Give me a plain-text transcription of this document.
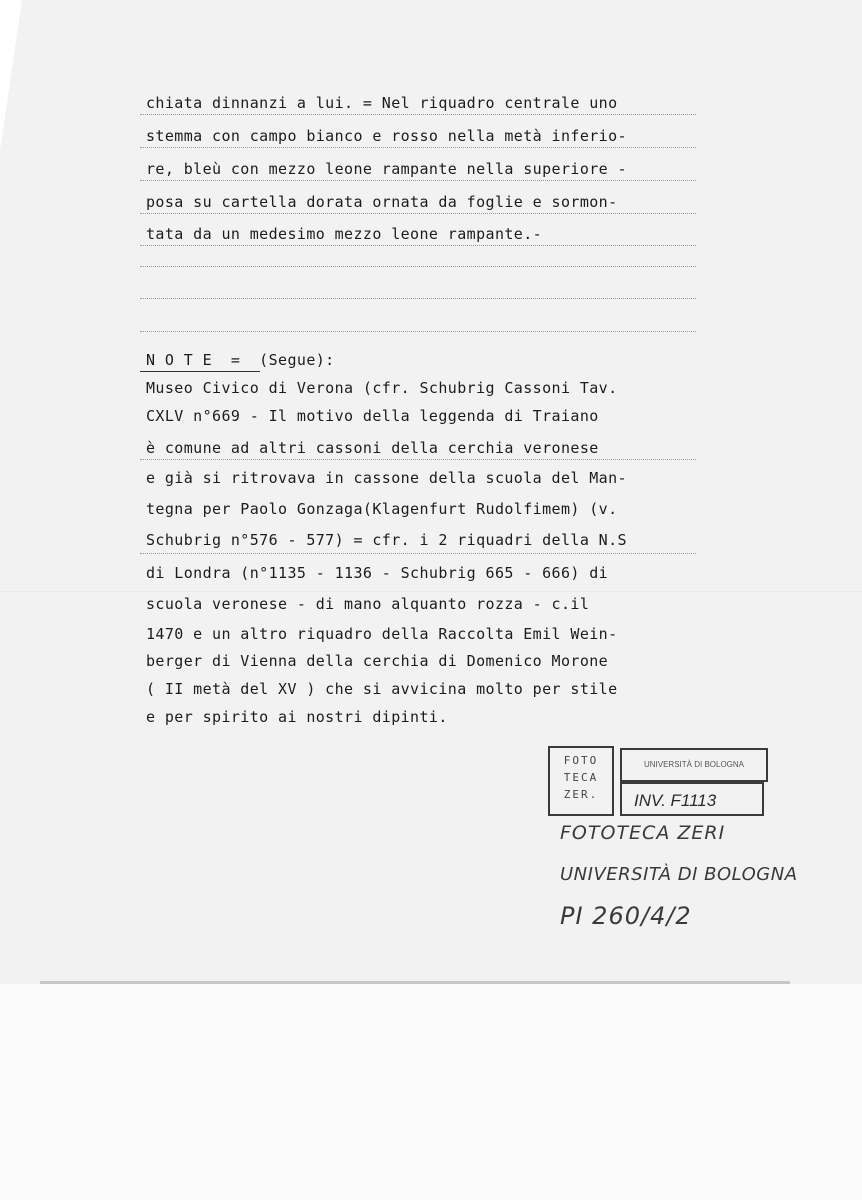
chiata dinnanzi a lui. = Nel riquadro centrale uno

stemma con campo bianco e rosso nella metà inferio-

re, bleù con mezzo leone rampante nella superiore -

posa su cartella dorata ornata da foglie e sormon-

tata da un medesimo mezzo leone rampante.-

N O T E  =  (Segue):

Museo Civico di Verona (cfr. Schubrig Cassoni Tav.

CXLV n°669 - Il motivo della leggenda di Traiano

è comune ad altri cassoni della cerchia veronese

e già si ritrovava in cassone della scuola del Man-

tegna per Paolo Gonzaga(Klagenfurt Rudolfimem) (v.

Schubrig n°576 - 577) = cfr. i 2 riquadri della N.S

di Londra (n°1135 - 1136 - Schubrig 665 - 666) di

scuola veronese - di mano alquanto rozza - c.il

1470 e un altro riquadro della Raccolta Emil Wein-

berger di Vienna della cerchia di Domenico Morone

( II metà del XV ) che si avvicina molto per stile

e per spirito ai nostri dipinti.

FOTO
TECA
ZER.
UNIVERSITÀ DI BOLOGNA
INV. F1113

FOTOTECA ZERI

UNIVERSITÀ DI BOLOGNA

PI 260/4/2
